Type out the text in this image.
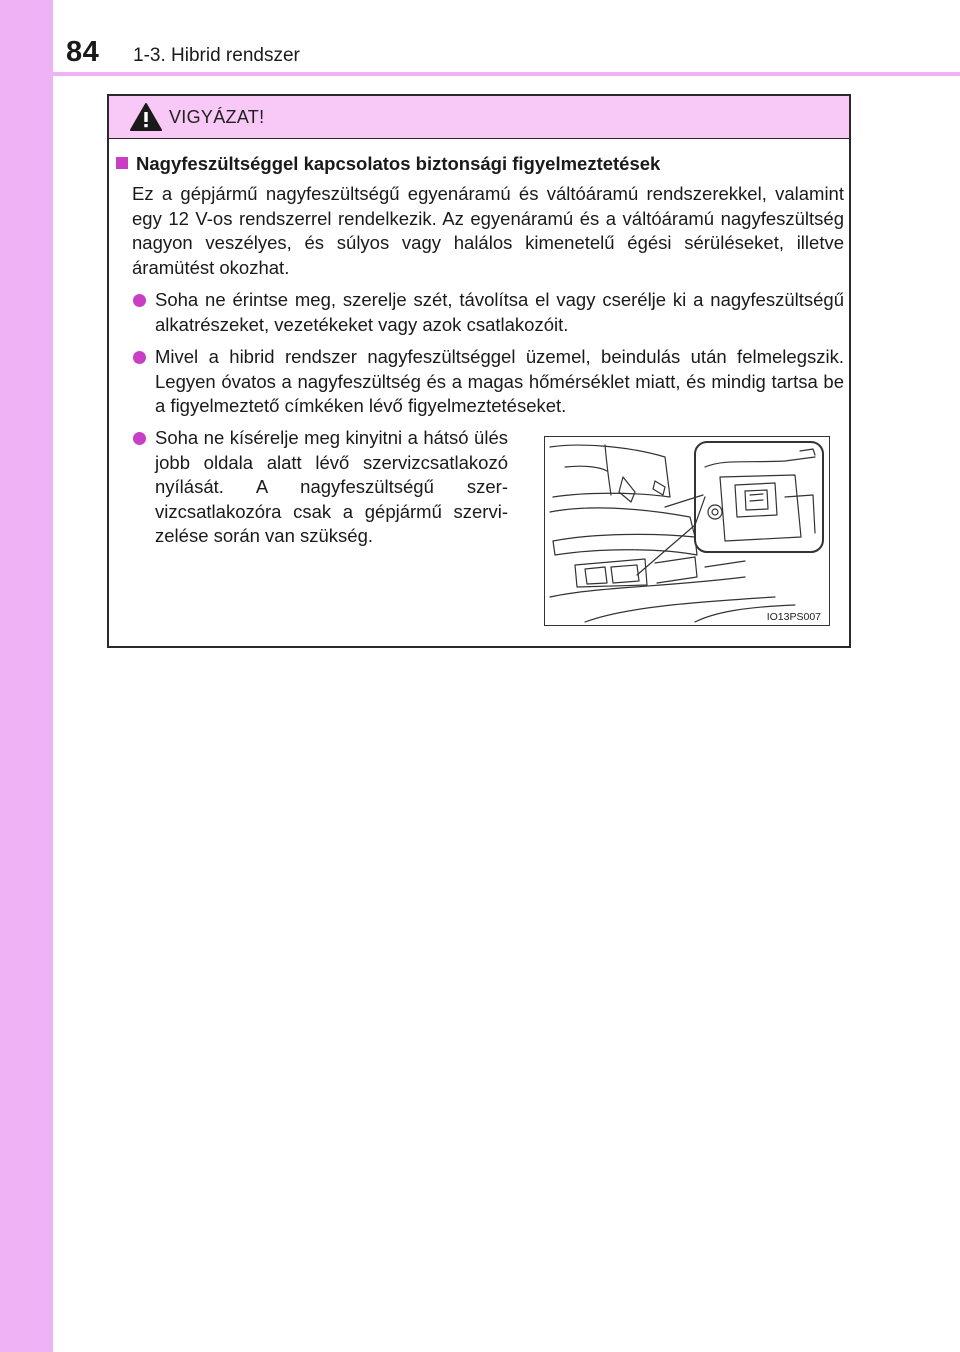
84 1-3. Hibrid rendszer
VIGYÁZAT!
Nagyfeszültséggel kapcsolatos biztonsági figyelmeztetések
Ez a gépjármű nagyfeszültségű egyenáramú és váltóáramú rendszerekkel, valamint egy 12 V-os rendszerrel rendelkezik. Az egyenáramú és a váltóáramú nagyfeszültség nagyon veszélyes, és súlyos vagy halálos kimenetelű égési sérüléseket, illetve áramütést okozhat.
Soha ne érintse meg, szerelje szét, távolítsa el vagy cserélje ki a nagyfeszültségű alkatrészeket, vezetékeket vagy azok csatlakozóit.
Mivel a hibrid rendszer nagyfeszültséggel üzemel, beindulás után felmelegszik. Legyen óvatos a nagyfeszültség és a magas hőmérséklet miatt, és mindig tartsa be a figyelmeztető címkéken lévő figyelmeztetéseket.
Soha ne kísérelje meg kinyitni a hátsó ülés jobb oldala alatt lévő szervizcsatlakozó nyílását. A nagyfeszültségű szervizcsatlakozóra csak a gépjármű szervizelése során van szükség.
IO13PS007
